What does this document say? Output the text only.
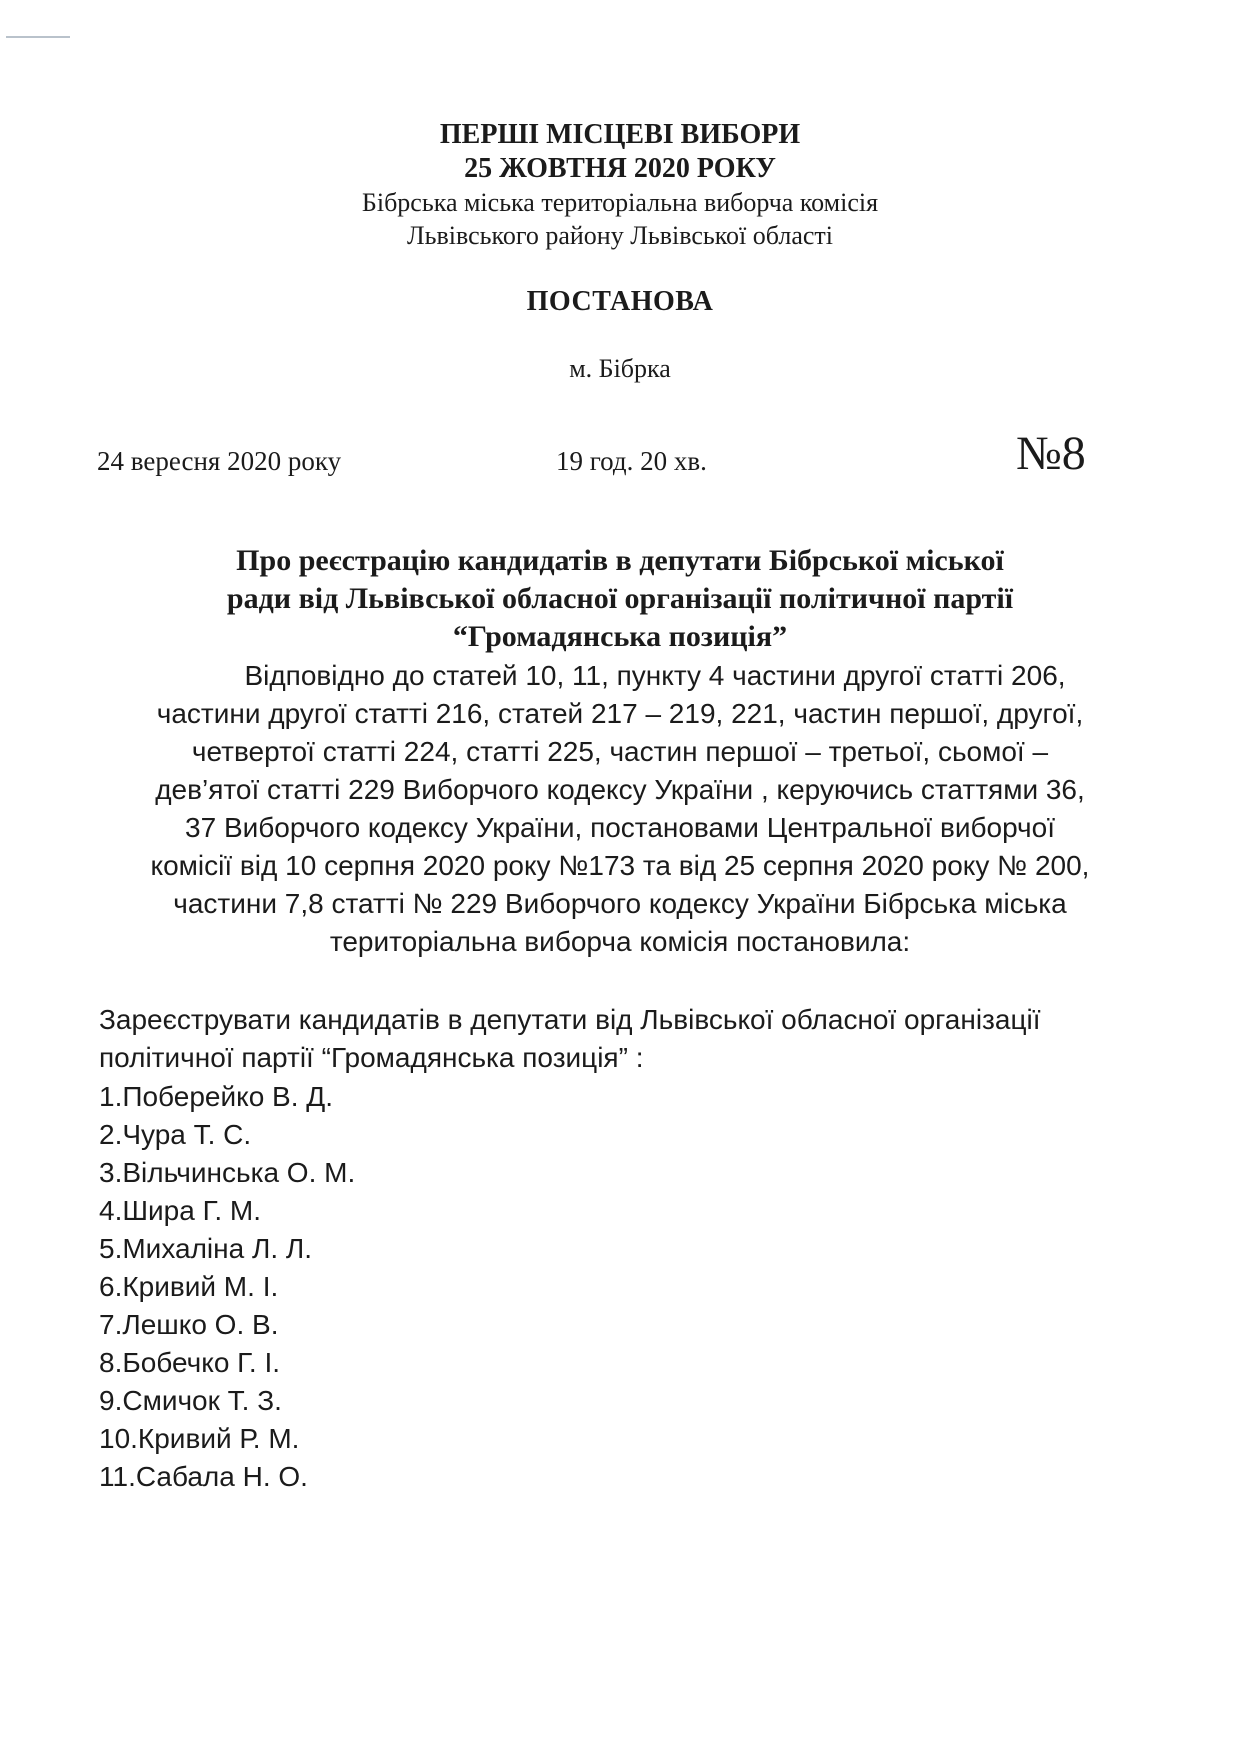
ПЕРШІ МІСЦЕВІ ВИБОРИ
25 ЖОВТНЯ 2020 РОКУ
Бібрська міська територіальна виборча комісія
Львівського району Львівської області
ПОСТАНОВА
м. Бібрка
24 вересня 2020 року	19 год. 20 хв.	№8
Про реєстрацію кандидатів в депутати Бібрської міської
ради від Львівської обласної організації політичної партії
“Громадянська позиція”
Відповідно до статей 10, 11, пункту 4 частини другої статті 206,
частини другої статті 216, статей 217 – 219, 221, частин першої, другої,
четвертої статті 224, статті 225, частин першої – третьої, сьомої –
дев’ятої статті 229 Виборчого кодексу України , керуючись статтями 36,
37 Виборчого кодексу України, постановами Центральної виборчої
комісії від 10 серпня 2020 року №173 та від 25 серпня 2020 року № 200,
частини 7,8 статті № 229 Виборчого кодексу України Бібрська міська
територіальна виборча комісія постановила:
Зареєструвати кандидатів в депутати від Львівської обласної організації
політичної партії “Громадянська позиція” :
1.Поберейко В. Д.
2.Чура Т. С.
3.Вільчинська О. М.
4.Шира Г. М.
5.Михаліна Л. Л.
6.Кривий М. І.
7.Лешко О. В.
8.Бобечко Г. І.
9.Смичок Т. З.
10.Кривий Р. М.
11.Сабала Н. О.
